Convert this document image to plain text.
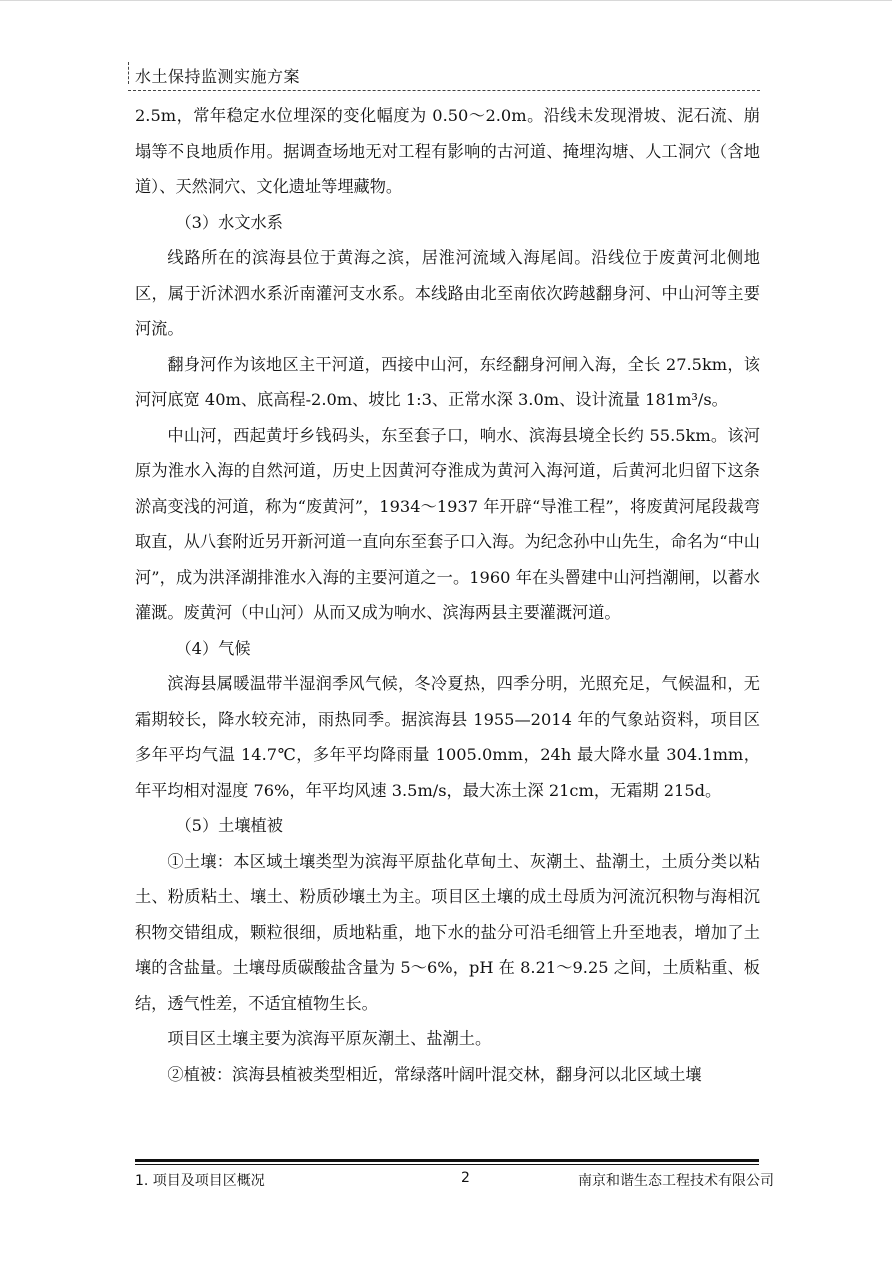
水土保持监测实施方案

2.5m，常年稳定水位埋深的变化幅度为 0.50～2.0m。沿线未发现滑坡、泥石流、崩塌等不良地质作用。据调查场地无对工程有影响的古河道、掩埋沟塘、人工洞穴（含地道）、天然洞穴、文化遗址等埋藏物。

（3）水文水系

线路所在的滨海县位于黄海之滨，居淮河流域入海尾闾。沿线位于废黄河北侧地区，属于沂沭泗水系沂南灌河支水系。本线路由北至南依次跨越翻身河、中山河等主要河流。

翻身河作为该地区主干河道，西接中山河，东经翻身河闸入海，全长 27.5km，该河河底宽 40m、底高程-2.0m、坡比 1:3、正常水深 3.0m、设计流量 181m³/s。

中山河，西起黄圩乡钱码头，东至套子口，响水、滨海县境全长约 55.5km。该河原为淮水入海的自然河道，历史上因黄河夺淮成为黄河入海河道，后黄河北归留下这条淤高变浅的河道，称为“废黄河”，1934～1937 年开辟“导淮工程”，将废黄河尾段裁弯取直，从八套附近另开新河道一直向东至套子口入海。为纪念孙中山先生，命名为“中山河”，成为洪泽湖排淮水入海的主要河道之一。1960 年在头罾建中山河挡潮闸，以蓄水灌溉。废黄河（中山河）从而又成为响水、滨海两县主要灌溉河道。

（4）气候

滨海县属暖温带半湿润季风气候，冬冷夏热，四季分明，光照充足，气候温和，无霜期较长，降水较充沛，雨热同季。据滨海县 1955—2014 年的气象站资料，项目区多年平均气温 14.7℃，多年平均降雨量 1005.0mm，24h 最大降水量 304.1mm，年平均相对湿度 76%，年平均风速 3.5m/s，最大冻土深 21cm，无霜期 215d。

（5）土壤植被

①土壤：本区域土壤类型为滨海平原盐化草甸土、灰潮土、盐潮土，土质分类以粘土、粉质粘土、壤土、粉质砂壤土为主。项目区土壤的成土母质为河流沉积物与海相沉积物交错组成，颗粒很细，质地粘重，地下水的盐分可沿毛细管上升至地表，增加了土壤的含盐量。土壤母质碳酸盐含量为 5～6%，pH 在 8.21～9.25 之间，土质粘重、板结，透气性差，不适宜植物生长。

项目区土壤主要为滨海平原灰潮土、盐潮土。

②植被：滨海县植被类型相近，常绿落叶阔叶混交林，翻身河以北区域土壤

1. 项目及项目区概况	2	南京和谐生态工程技术有限公司
